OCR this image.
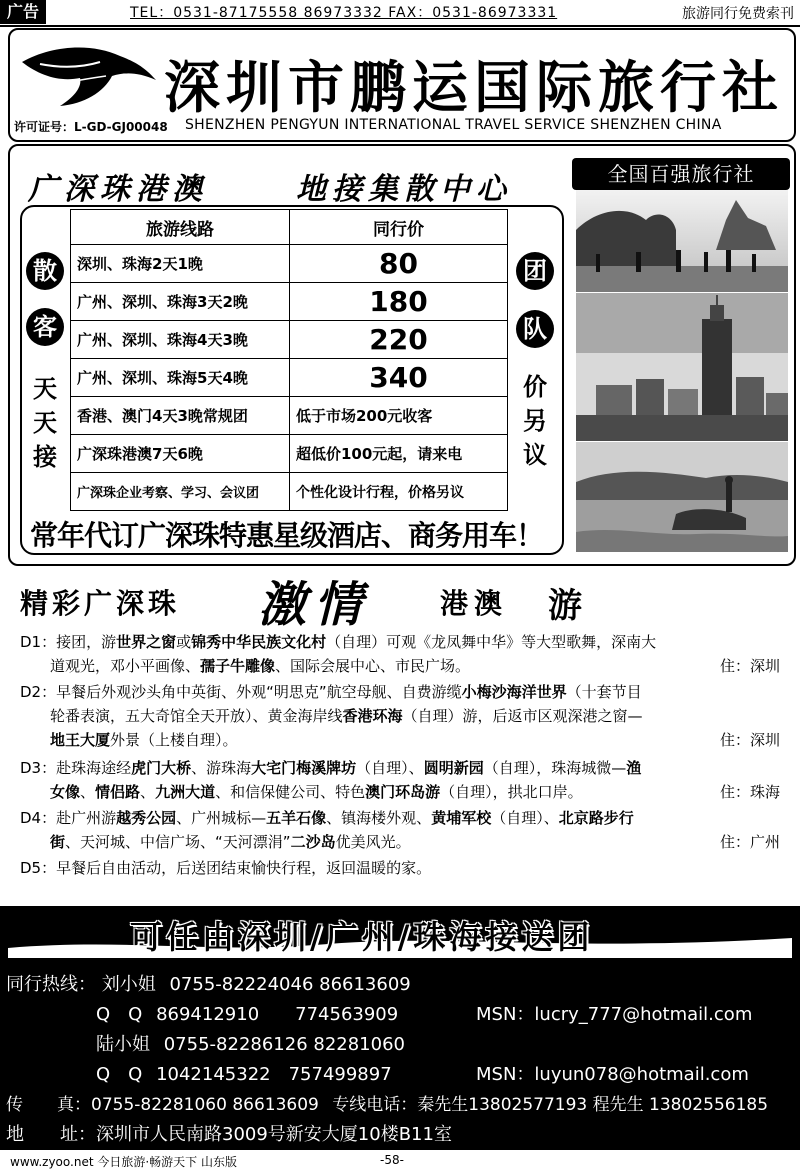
广告	TEL：0531-87175558 86973332 FAX：0531-86973331	旅游同行免费索刊
深圳市鹏运国际旅行社
许可证号：L-GD-GJ00048 SHENZHEN PENGYUN INTERNATIONAL TRAVEL SERVICE SHENZHEN CHINA
广深珠港澳	地接集散中心	全国百强旅行社
散
客
天
天
接
团
队
价
另
议
旅游线路	同行价
深圳、珠海2天1晚	80
广州、深圳、珠海3天2晚	180
广州、深圳、珠海4天3晚	220
广州、深圳、珠海5天4晚	340
香港、澳门4天3晚常规团	低于市场200元收客
广深珠港澳7天6晚	超低价100元起，请来电
广深珠企业考察、学习、会议团	个性化设计行程，价格另议
常年代订广深珠特惠星级酒店、商务用车！
精彩广深珠 激情 港澳 游
D1：接团，游世界之窗或锦秀中华民族文化村（自理）可观《龙凤舞中华》等大型歌舞，深南大
道观光，邓小平画像、孺子牛雕像、国际会展中心、市民广场。	住：深圳
D2：早餐后外观沙头角中英街、外观“明思克”航空母舰、自费游缆小梅沙海洋世界（十套节目
轮番表演，五大奇馆全天开放）、黄金海岸线香港环海（自理）游，后返市区观深港之窗—
地王大厦外景（上楼自理）。	住：深圳
D3：赴珠海途经虎门大桥、游珠海大宅门梅溪牌坊（自理）、圆明新园（自理），珠海城微—渔
女像、情侣路、九洲大道、和信保健公司、特色澳门环岛游（自理），拱北口岸。	住：珠海
D4：赴广州游越秀公园、广州城标—五羊石像、镇海楼外观、黄埔军校（自理）、北京路步行
街、天河城、中信广场、“天河漂涓”二沙岛优美风光。	住：广州
D5：早餐后自由活动，后送团结束愉快行程，返回温暖的家。
可任由深圳/广州/珠海接送团
同行热线： 刘小姐 0755-82224046 86613609
Q　Q 869412910　　774563909	MSN：lucry_777@hotmail.com
陆小姐 0755-82286126 82281060
Q　Q 1042145322　757499897	MSN：luyun078@hotmail.com
传　　真：0755-82281060 86613609 专线电话：秦先生13802577193 程先生 13802556185
地　　址：深圳市人民南路3009号新安大厦10楼B11室
www.zyoo.net 今日旅游·畅游天下 山东版	-58-
